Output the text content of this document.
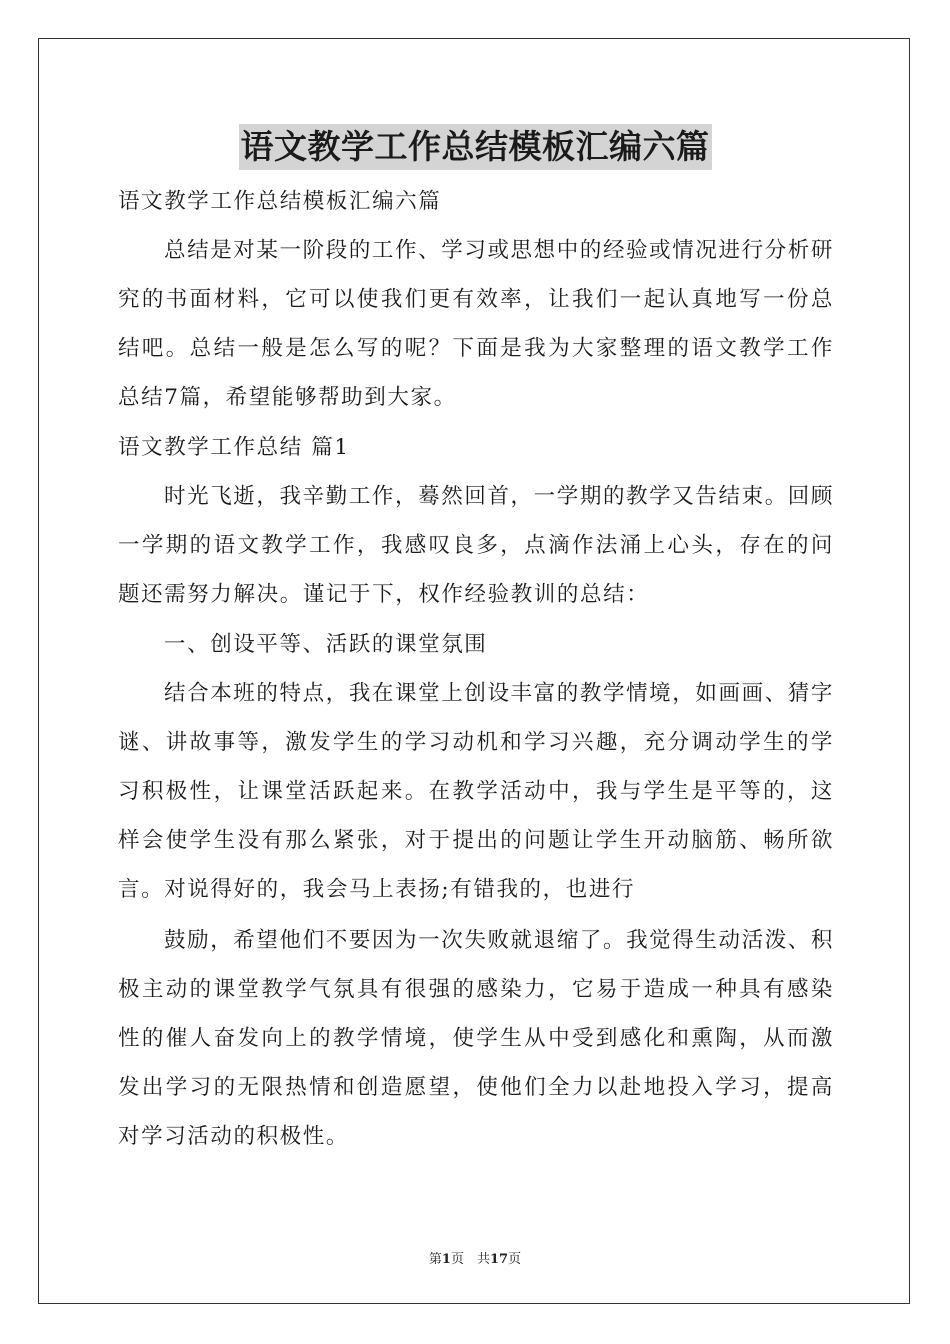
语文教学工作总结模板汇编六篇

语文教学工作总结模板汇编六篇

总结是对某一阶段的工作、学习或思想中的经验或情况进行分析研究的书面材料，它可以使我们更有效率，让我们一起认真地写一份总结吧。总结一般是怎么写的呢？下面是我为大家整理的语文教学工作总结7篇，希望能够帮助到大家。

语文教学工作总结 篇1

时光飞逝，我辛勤工作，蓦然回首，一学期的教学又告结束。回顾一学期的语文教学工作，我感叹良多，点滴作法涌上心头，存在的问题还需努力解决。谨记于下，权作经验教训的总结：

一、创设平等、活跃的课堂氛围

结合本班的特点，我在课堂上创设丰富的教学情境，如画画、猜字谜、讲故事等，激发学生的学习动机和学习兴趣，充分调动学生的学习积极性，让课堂活跃起来。在教学活动中，我与学生是平等的，这样会使学生没有那么紧张，对于提出的问题让学生开动脑筋、畅所欲言。对说得好的，我会马上表扬;有错我的，也进行

鼓励，希望他们不要因为一次失败就退缩了。我觉得生动活泼、积极主动的课堂教学气氛具有很强的感染力，它易于造成一种具有感染性的催人奋发向上的教学情境，使学生从中受到感化和熏陶，从而激发出学习的无限热情和创造愿望，使他们全力以赴地投入学习，提高对学习活动的积极性。

第1页　共17页
